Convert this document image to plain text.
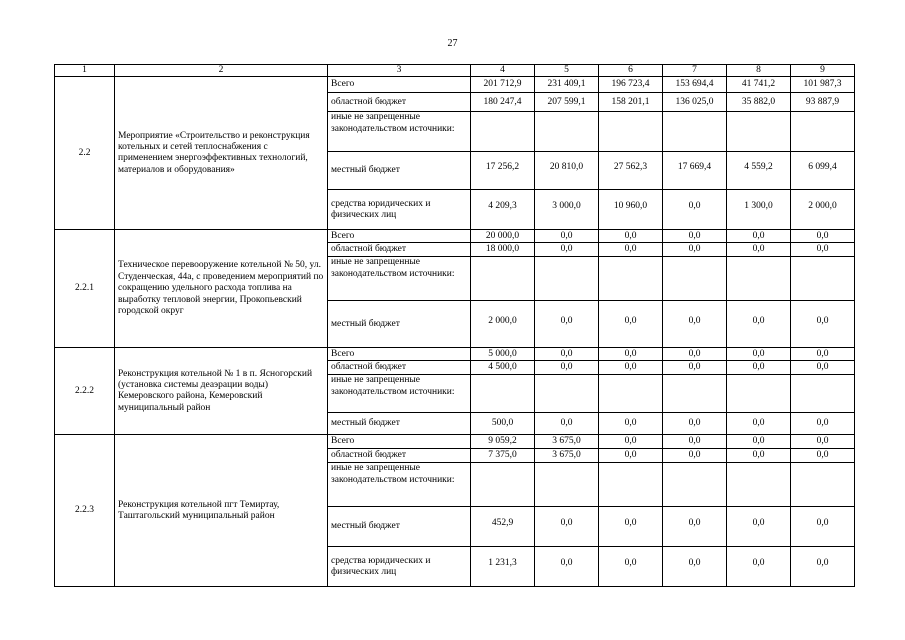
27
1	2	3	4	5	6	7	8	9
2.2	Мероприятие «Строительство и реконструкция котельных и сетей теплоснабжения с применением энергоэффективных технологий, материалов и оборудования»	Всего	201 712,9	231 409,1	196 723,4	153 694,4	41 741,2	101 987,3
		областной бюджет	180 247,4	207 599,1	158 201,1	136 025,0	35 882,0	93 887,9
		иные не запрещенные законодательством источники:						
		местный бюджет	17 256,2	20 810,0	27 562,3	17 669,4	4 559,2	6 099,4
		средства юридических и физических лиц	4 209,3	3 000,0	10 960,0	0,0	1 300,0	2 000,0
2.2.1	Техническое перевооружение котельной № 50, ул. Студенческая, 44а, с проведением мероприятий по сокращению удельного расхода топлива на выработку тепловой энергии, Прокопьевский городской округ	Всего	20 000,0	0,0	0,0	0,0	0,0	0,0
		областной бюджет	18 000,0	0,0	0,0	0,0	0,0	0,0
		иные не запрещенные законодательством источники:						
		местный бюджет	2 000,0	0,0	0,0	0,0	0,0	0,0
2.2.2	Реконструкция котельной № 1 в п. Ясногорский (установка системы деаэрации воды) Кемеровского района, Кемеровский муниципальный район	Всего	5 000,0	0,0	0,0	0,0	0,0	0,0
		областной бюджет	4 500,0	0,0	0,0	0,0	0,0	0,0
		иные не запрещенные законодательством источники:						
		местный бюджет	500,0	0,0	0,0	0,0	0,0	0,0
2.2.3	Реконструкция котельной пгт Темиртау, Таштагольский муниципальный район	Всего	9 059,2	3 675,0	0,0	0,0	0,0	0,0
		областной бюджет	7 375,0	3 675,0	0,0	0,0	0,0	0,0
		иные не запрещенные законодательством источники:						
		местный бюджет	452,9	0,0	0,0	0,0	0,0	0,0
		средства юридических и физических лиц	1 231,3	0,0	0,0	0,0	0,0	0,0
